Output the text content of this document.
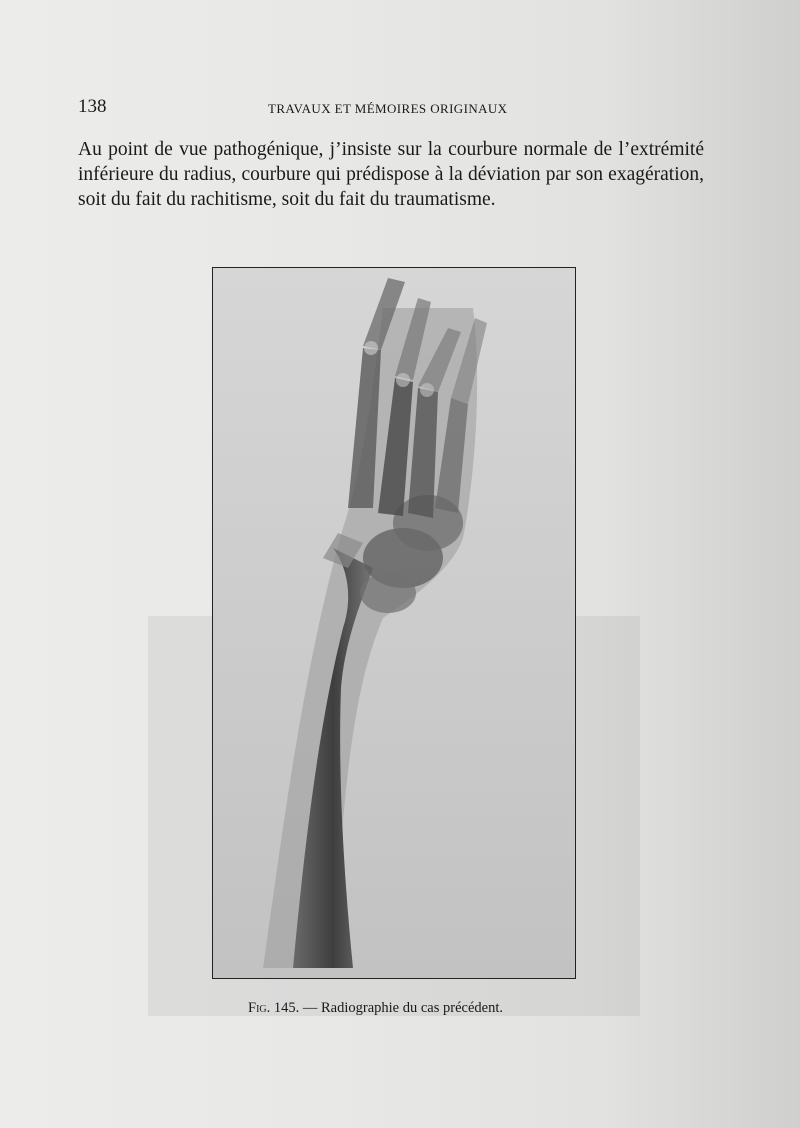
138	TRAVAUX ET MÉMOIRES ORIGINAUX

Au point de vue pathogénique, j’insiste sur la courbure normale de l’extrémité inférieure du radius, courbure qui prédispose à la déviation par son exagération, soit du fait du rachitisme, soit du fait du traumatisme.

Fig. 145. — Radiographie du cas précédent.
